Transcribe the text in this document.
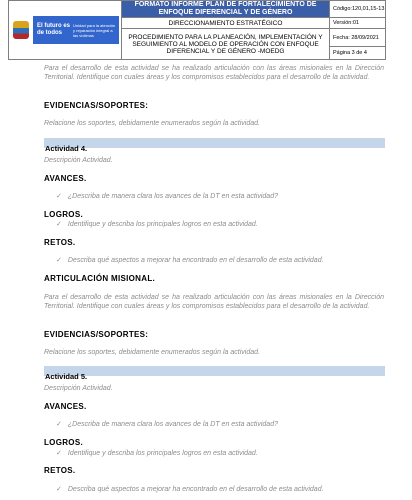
El futuro es de todos
Unidad para la atención y reparación integral a las víctimas	FORMATO INFORME PLAN DE FORTALECIMIENTO DE ENFOQUE DIFERENCIAL Y DE GÉNERO	Código:120,01,15-13
	DIRECCIONAMIENTO ESTRATÉGICO	Versión:01
	PROCEDIMIENTO PARA LA PLANEACIÓN, IMPLEMENTACIÓN Y SEGUIMIENTO AL MODELO DE OPERACIÓN CON ENFOQUE DIFERENCIAL Y DE GÉNERO -MOEDG	Fecha: 28/09/2021
		Página 3 de 4
Para el desarrollo de esta actividad se ha realizado articulación con las áreas misionales en la Dirección Territorial. Identifique con cuales áreas y los compromisos establecidos para el desarrollo de la actividad.
EVIDENCIAS/SOPORTES:
Relacione los soportes, debidamente enumerados según la actividad.
Actividad 4.
Descripción Actividad.
AVANCES.
✓ ¿Describa de manera clara los avances de la DT en esta actividad?
LOGROS.
✓ Identifique y describa los principales logros en esta actividad.
RETOS.
✓ Describa qué aspectos a mejorar ha encontrado en el desarrollo de esta actividad.
ARTICULACIÓN MISIONAL.
Para el desarrollo de esta actividad se ha realizado articulación con las áreas misionales en la Dirección Territorial. Identifique con cuales áreas y los compromisos establecidos para el desarrollo de la actividad.
EVIDENCIAS/SOPORTES:
Relacione los soportes, debidamente enumerados según la actividad.
Actividad 5.
Descripción Actividad.
AVANCES.
✓ ¿Describa de manera clara los avances de la DT en esta actividad?
LOGROS.
✓ Identifique y describa los principales logros en esta actividad.
RETOS.
✓ Describa qué aspectos a mejorar ha encontrado en el desarrollo de esta actividad.
